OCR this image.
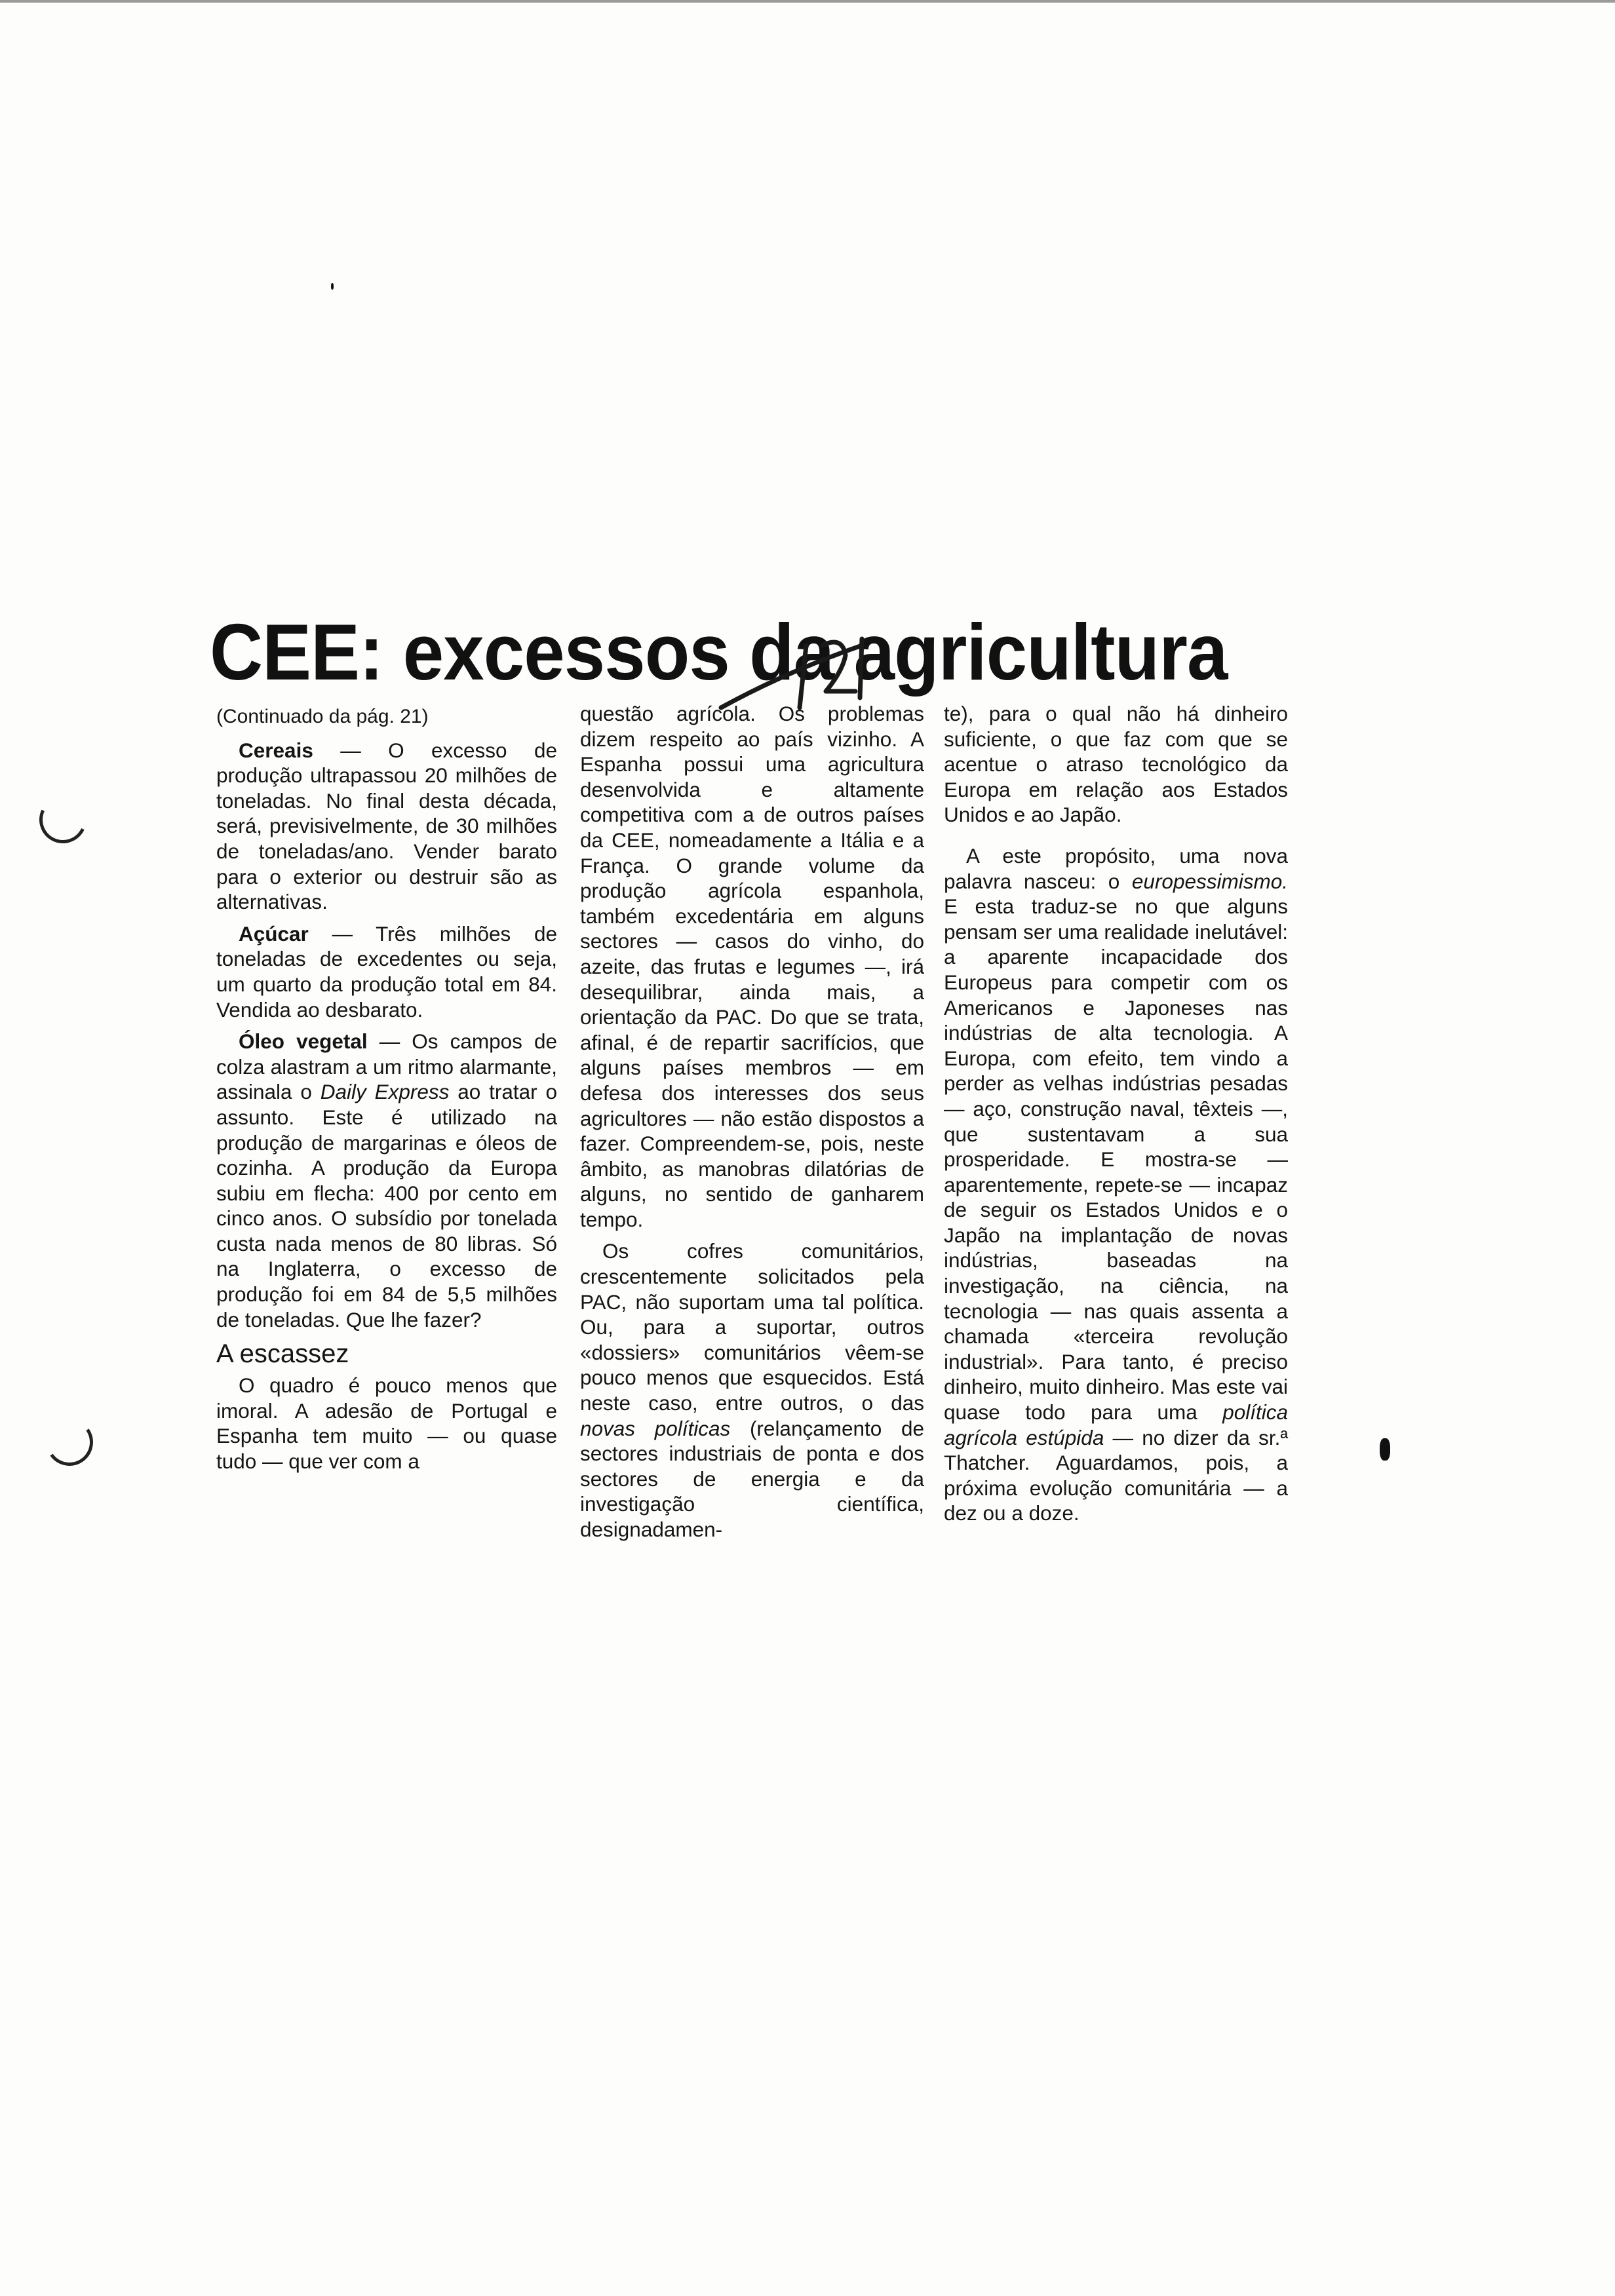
CEE: excessos da agricultura

(Continuado da pág. 21)

Cereais — O excesso de produção ultrapassou 20 milhões de toneladas. No final desta década, será, previsivelmente, de 30 milhões de toneladas/ano. Vender barato para o exterior ou destruir são as alternativas.

Açúcar — Três milhões de toneladas de excedentes ou seja, um quarto da produção total em 84. Vendida ao desbarato.

Óleo vegetal — Os campos de colza alastram a um ritmo alarmante, assinala o Daily Express ao tratar o assunto. Este é utilizado na produção de margarinas e óleos de cozinha. A produção da Europa subiu em flecha: 400 por cento em cinco anos. O subsídio por tonelada custa nada menos de 80 libras. Só na Inglaterra, o excesso de produção foi em 84 de 5,5 milhões de toneladas. Que lhe fazer?

A escassez

O quadro é pouco menos que imoral. A adesão de Portugal e Espanha tem muito — ou quase tudo — que ver com a

questão agrícola. Os problemas dizem respeito ao país vizinho. A Espanha possui uma agricultura desenvolvida e altamente competitiva com a de outros países da CEE, nomeadamente a Itália e a França. O grande volume da produção agrícola espanhola, também excedentária em alguns sectores — casos do vinho, do azeite, das frutas e legumes —, irá desequilibrar, ainda mais, a orientação da PAC. Do que se trata, afinal, é de repartir sacrifícios, que alguns países membros — em defesa dos interesses dos seus agricultores — não estão dispostos a fazer. Compreendem-se, pois, neste âmbito, as manobras dilatórias de alguns, no sentido de ganharem tempo.

Os cofres comunitários, crescentemente solicitados pela PAC, não suportam uma tal política. Ou, para a suportar, outros «dossiers» comunitários vêem-se pouco menos que esquecidos. Está neste caso, entre outros, o das novas políticas (relançamento de sectores industriais de ponta e dos sectores de energia e da investigação científica, designadamen-

te), para o qual não há dinheiro suficiente, o que faz com que se acentue o atraso tecnológico da Europa em relação aos Estados Unidos e ao Japão.

A este propósito, uma nova palavra nasceu: o europessimismo. E esta traduz-se no que alguns pensam ser uma realidade inelutável: a aparente incapacidade dos Europeus para competir com os Americanos e Japoneses nas indústrias de alta tecnologia. A Europa, com efeito, tem vindo a perder as velhas indústrias pesadas — aço, construção naval, têxteis —, que sustentavam a sua prosperidade. E mostra-se — aparentemente, repete-se — incapaz de seguir os Estados Unidos e o Japão na implantação de novas indústrias, baseadas na investigação, na ciência, na tecnologia — nas quais assenta a chamada «terceira revolução industrial». Para tanto, é preciso dinheiro, muito dinheiro. Mas este vai quase todo para uma política agrícola estúpida — no dizer da sr.ª Thatcher. Aguardamos, pois, a próxima evolução comunitária — a dez ou a doze.
